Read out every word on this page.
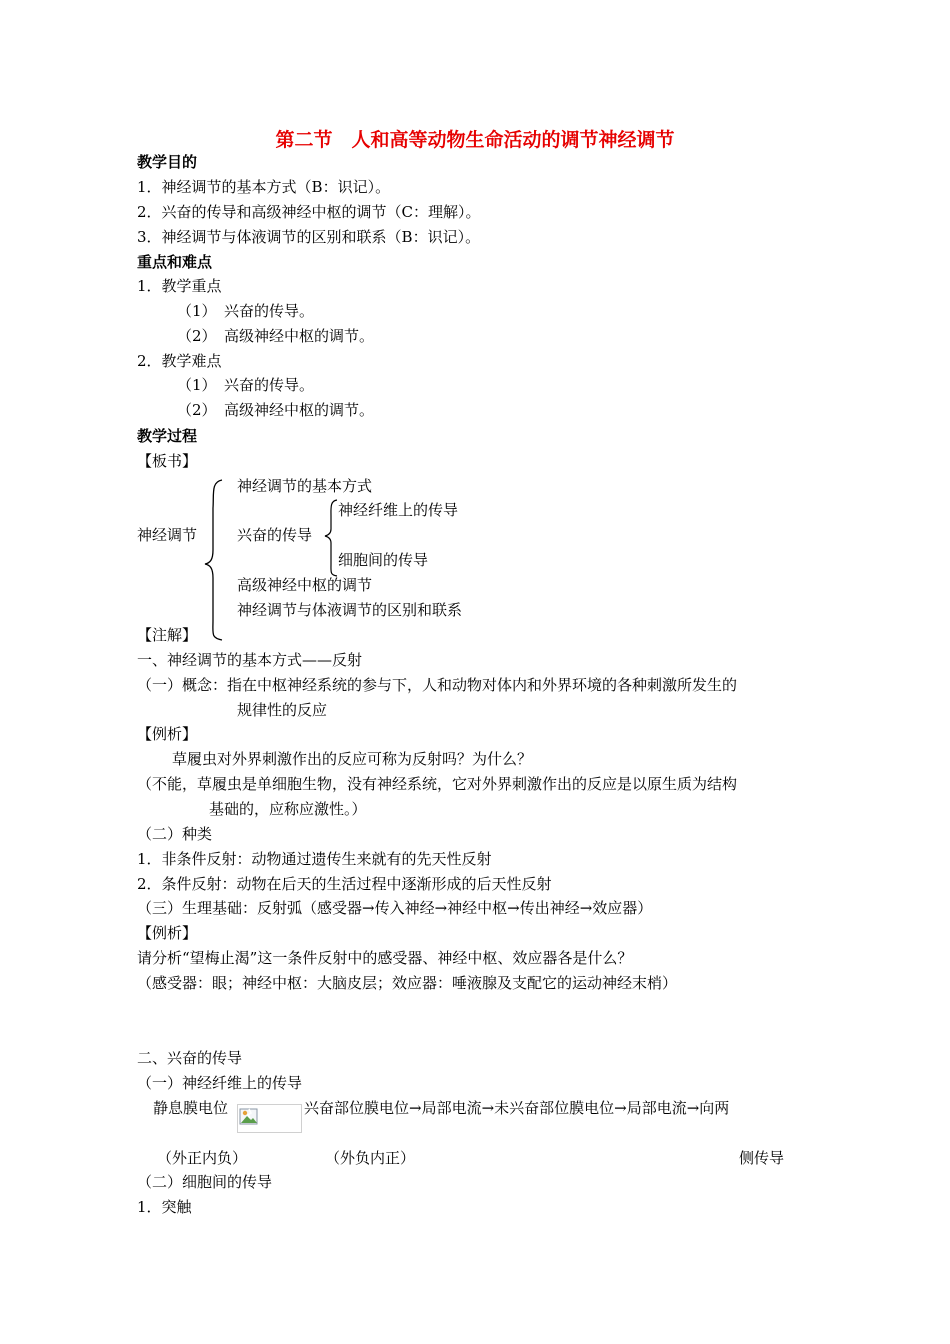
第二节　人和高等动物生命活动的调节神经调节
教学目的
1．神经调节的基本方式（B：识记）。
2．兴奋的传导和高级神经中枢的调节（C：理解）。
3．神经调节与体液调节的区别和联系（B：识记）。
重点和难点
1．教学重点
（1）　兴奋的传导。
（2）　高级神经中枢的调节。
2．教学难点
（1）　兴奋的传导。
（2）　高级神经中枢的调节。
教学过程
【板书】
神经调节
神经调节的基本方式
兴奋的传导
神经纤维上的传导
细胞间的传导
高级神经中枢的调节
神经调节与体液调节的区别和联系
【注解】
一、神经调节的基本方式——反射
（一）概念：指在中枢神经系统的参与下，人和动物对体内和外界环境的各种刺激所发生的
规律性的反应
【例析】
草履虫对外界刺激作出的反应可称为反射吗？为什么？
（不能，草履虫是单细胞生物，没有神经系统，它对外界刺激作出的反应是以原生质为结构
基础的，应称应激性。）
（二）种类
1．非条件反射：动物通过遗传生来就有的先天性反射
2．条件反射：动物在后天的生活过程中逐渐形成的后天性反射
（三）生理基础：反射弧（感受器→传入神经→神经中枢→传出神经→效应器）
【例析】
请分析“望梅止渴”这一条件反射中的感受器、神经中枢、效应器各是什么？
（感受器：眼；神经中枢：大脑皮层；效应器：唾液腺及支配它的运动神经末梢）
二、兴奋的传导
（一）神经纤维上的传导
静息膜电位	兴奋部位膜电位→局部电流→未兴奋部位膜电位→局部电流→向两
（外正内负）	（外负内正）	侧传导
（二）细胞间的传导
1．突触
